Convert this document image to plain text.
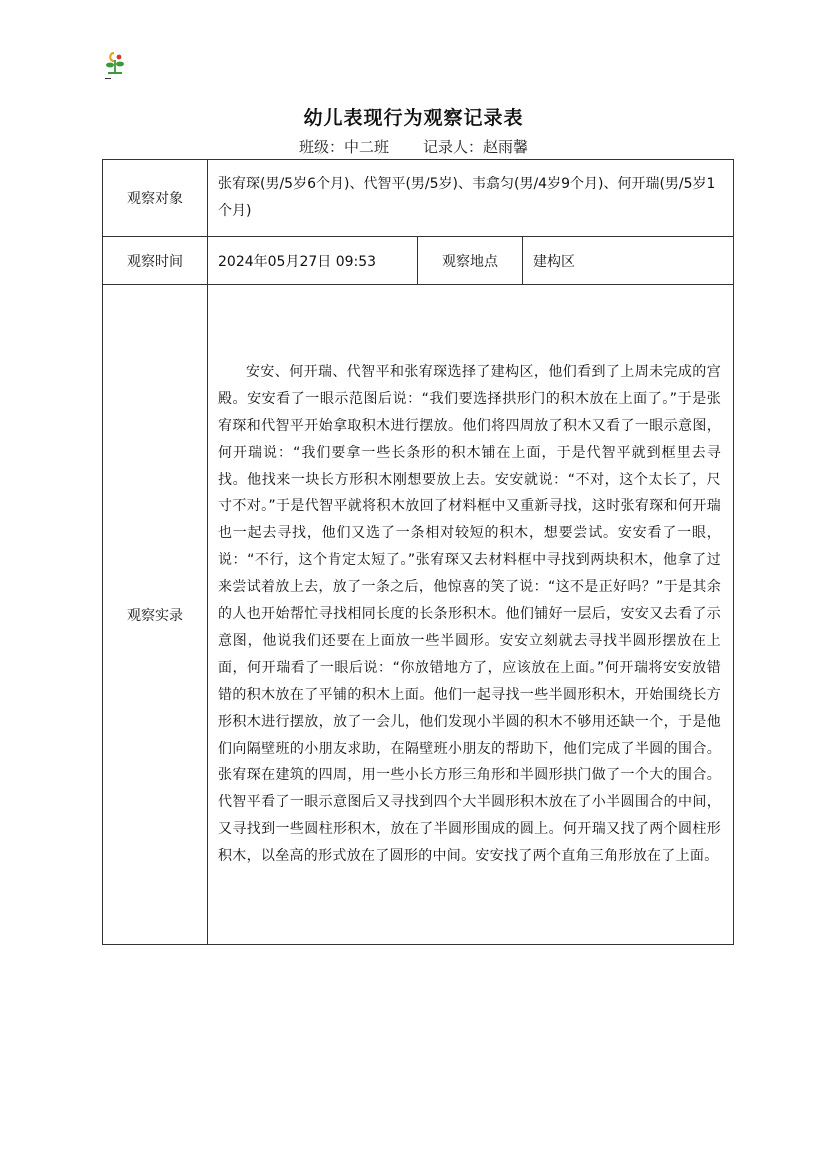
幼儿表现行为观察记录表
班级：中二班 记录人：赵雨馨
观察对象	张宥琛(男/5岁6个月)、代智平(男/5岁)、韦翕匀(男/4岁9个月)、何开瑞(男/5岁1个月)		
观察时间	2024年05月27日 09:53	观察地点	建构区
观察实录	安安、何开瑞、代智平和张宥琛选择了建构区，他们看到了上周未完成的宫殿。安安看了一眼示范图后说：“我们要选择拱形门的积木放在上面了。”于是张宥琛和代智平开始拿取积木进行摆放。他们将四周放了积木又看了一眼示意图，何开瑞说：“我们要拿一些长条形的积木铺在上面，于是代智平就到框里去寻找。他找来一块长方形积木刚想要放上去。安安就说：“不对，这个太长了，尺寸不对。”于是代智平就将积木放回了材料框中又重新寻找，这时张宥琛和何开瑞也一起去寻找，他们又选了一条相对较短的积木，想要尝试。安安看了一眼，说：“不行，这个肯定太短了。”张宥琛又去材料框中寻找到两块积木，他拿了过来尝试着放上去，放了一条之后，他惊喜的笑了说：“这不是正好吗？”于是其余的人也开始帮忙寻找相同长度的长条形积木。他们铺好一层后，安安又去看了示意图，他说我们还要在上面放一些半圆形。安安立刻就去寻找半圆形摆放在上面，何开瑞看了一眼后说：“你放错地方了，应该放在上面。”何开瑞将安安放错错的积木放在了平铺的积木上面。他们一起寻找一些半圆形积木，开始围绕长方形积木进行摆放，放了一会儿，他们发现小半圆的积木不够用还缺一个，于是他们向隔壁班的小朋友求助，在隔壁班小朋友的帮助下，他们完成了半圆的围合。张宥琛在建筑的四周，用一些小长方形三角形和半圆形拱门做了一个大的围合。代智平看了一眼示意图后又寻找到四个大半圆形积木放在了小半圆围合的中间，又寻找到一些圆柱形积木，放在了半圆形围成的圆上。何开瑞又找了两个圆柱形积木，以垒高的形式放在了圆形的中间。安安找了两个直角三角形放在了上面。		
